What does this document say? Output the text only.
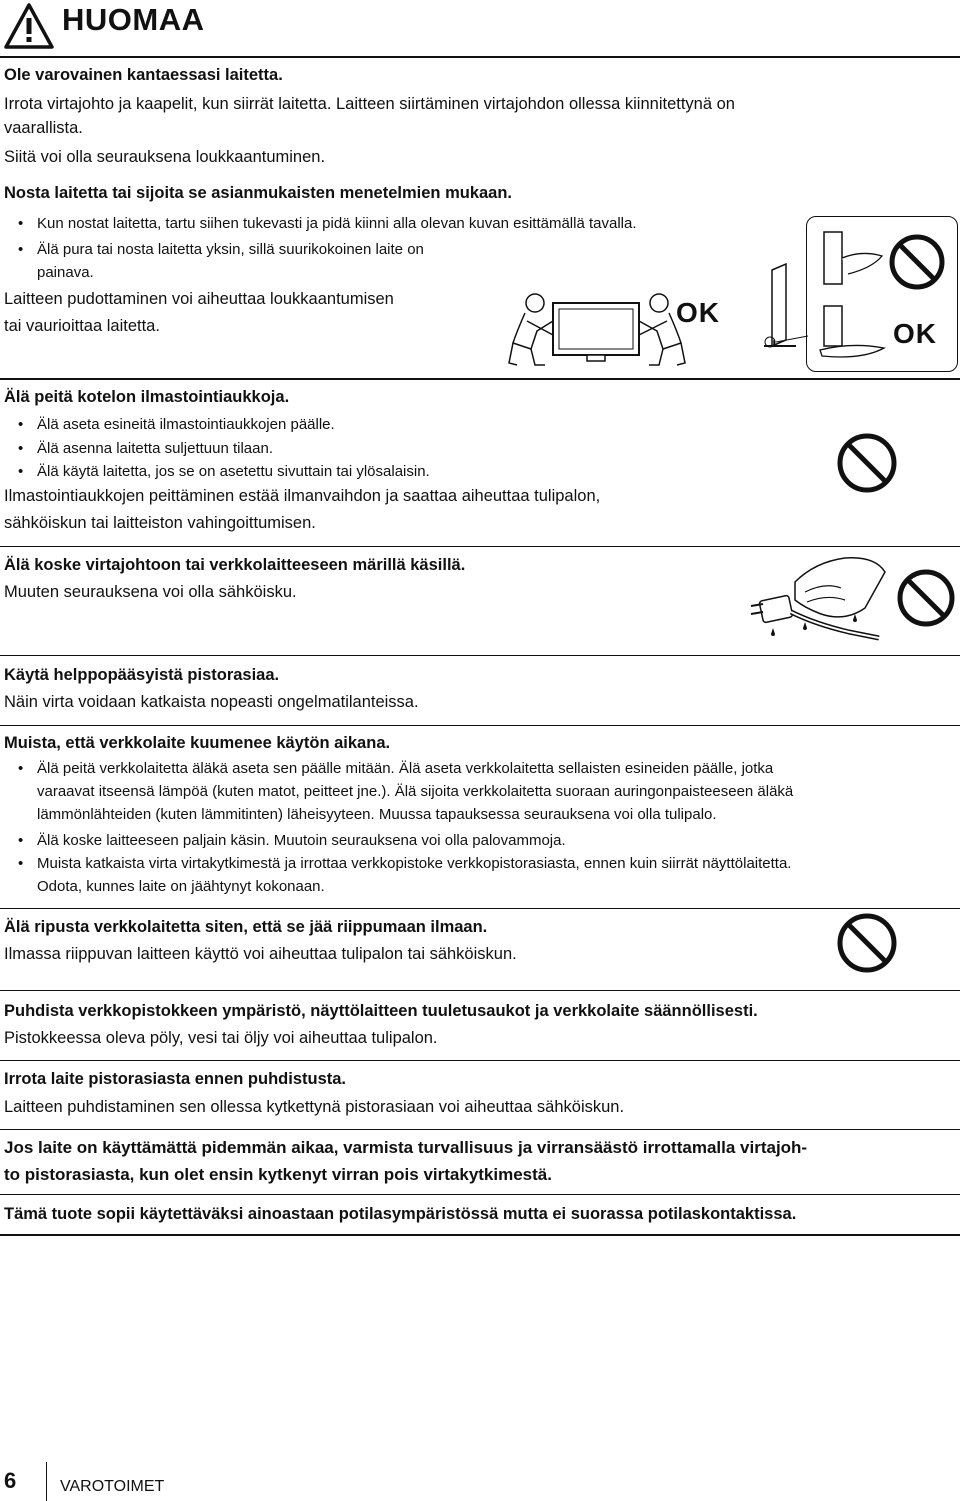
HUOMAA
Ole varovainen kantaessasi laitetta.
Irrota virtajohto ja kaapelit, kun siirrät laitetta. Laitteen siirtäminen virtajohdon ollessa kiinnitettynä on
vaarallista.
Siitä voi olla seurauksena loukkaantuminen.
Nosta laitetta tai sijoita se asianmukaisten menetelmien mukaan.
• Kun nostat laitetta, tartu siihen tukevasti ja pidä kiinni alla olevan kuvan esittämällä tavalla.
• Älä pura tai nosta laitetta yksin, sillä suurikokoinen laite on
painava.
Laitteen pudottaminen voi aiheuttaa loukkaantumisen
tai vaurioittaa laitetta.	OK
OK
Älä peitä kotelon ilmastointiaukkoja.
• Älä aseta esineitä ilmastointiaukkojen päälle.
• Älä asenna laitetta suljettuun tilaan.
• Älä käytä laitetta, jos se on asetettu sivuttain tai ylösalaisin.
Ilmastointiaukkojen peittäminen estää ilmanvaihdon ja saattaa aiheuttaa tulipalon,
sähköiskun tai laitteiston vahingoittumisen.
Älä koske virtajohtoon tai verkkolaitteeseen märillä käsillä.
Muuten seurauksena voi olla sähköisku.
Käytä helppopääsyistä pistorasiaa.
Näin virta voidaan katkaista nopeasti ongelmatilanteissa.
Muista, että verkkolaite kuumenee käytön aikana.
• Älä peitä verkkolaitetta äläkä aseta sen päälle mitään. Älä aseta verkkolaitetta sellaisten esineiden päälle, jotka
varaavat itseensä lämpöä (kuten matot, peitteet jne.). Älä sijoita verkkolaitetta suoraan auringonpaisteeseen äläkä
lämmönlähteiden (kuten lämmitinten) läheisyyteen. Muussa tapauksessa seurauksena voi olla tulipalo.
• Älä koske laitteeseen paljain käsin. Muutoin seurauksena voi olla palovammoja.
• Muista katkaista virta virtakytkimestä ja irrottaa verkkopistoke verkkopistorasiasta, ennen kuin siirrät näyttölaitetta.
Odota, kunnes laite on jäähtynyt kokonaan.
Älä ripusta verkkolaitetta siten, että se jää riippumaan ilmaan.
Ilmassa riippuvan laitteen käyttö voi aiheuttaa tulipalon tai sähköiskun.
Puhdista verkkopistokkeen ympäristö, näyttölaitteen tuuletusaukot ja verkkolaite säännöllisesti.
Pistokkeessa oleva pöly, vesi tai öljy voi aiheuttaa tulipalon.
Irrota laite pistorasiasta ennen puhdistusta.
Laitteen puhdistaminen sen ollessa kytkettynä pistorasiaan voi aiheuttaa sähköiskun.
Jos laite on käyttämättä pidemmän aikaa, varmista turvallisuus ja virransäästö irrottamalla virtajoh-
to pistorasiasta, kun olet ensin kytkenyt virran pois virtakytkimestä.
Tämä tuote sopii käytettäväksi ainoastaan potilasympäristössä mutta ei suorassa potilaskontaktissa.
6	VAROTOIMET
